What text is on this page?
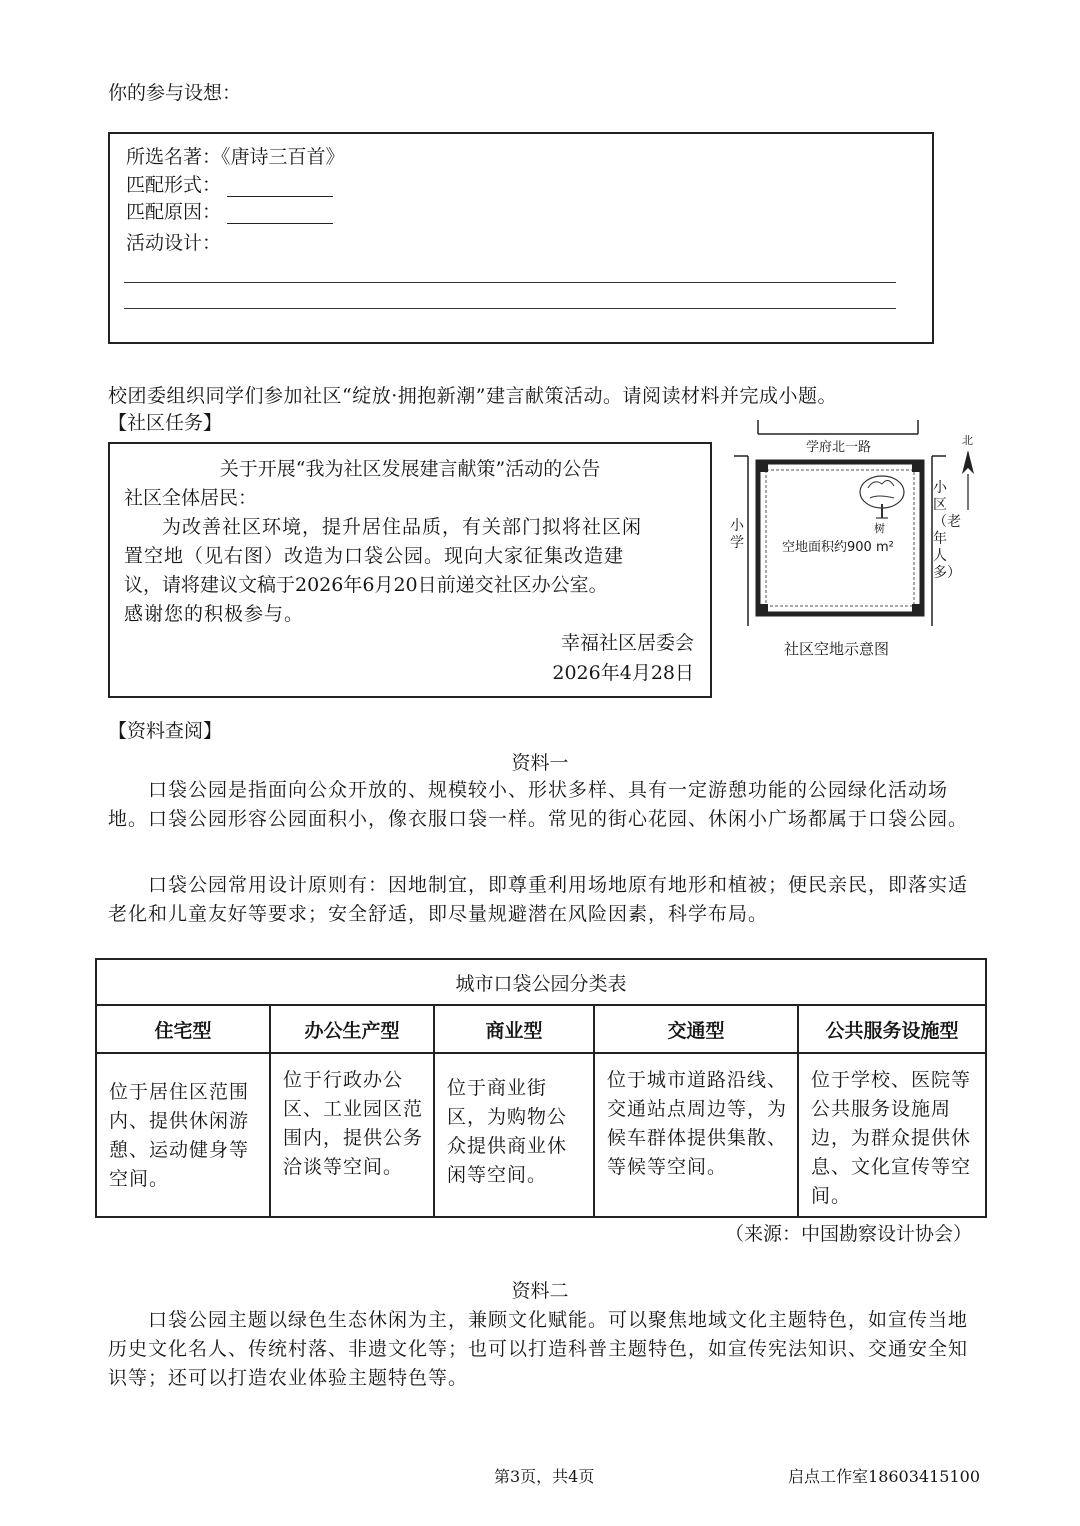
你的参与设想：
所选名著：《唐诗三百首》
匹配形式：
匹配原因：
活动设计：
校团委组织同学们参加社区“绽放·拥抱新潮”建言献策活动。请阅读材料并完成小题。
【社区任务】
关于开展“我为社区发展建言献策”活动的公告
社区全体居民：
为改善社区环境，提升居住品质，有关部门拟将社区闲
置空地（见右图）改造为口袋公园。现向大家征集改造建
议，请将建议文稿于2026年6月20日前递交社区办公室。
感谢您的积极参与。
幸福社区居委会
2026年4月28日
学府北一路
小学
小区（老年人多）
北
树
空地面积约900 m²
社区空地示意图
【资料查阅】
资料一
口袋公园是指面向公众开放的、规模较小、形状多样、具有一定游憩功能的公园绿化活动场地。口袋公园形容公园面积小，像衣服口袋一样。常见的街心花园、休闲小广场都属于口袋公园。
口袋公园常用设计原则有：因地制宜，即尊重利用场地原有地形和植被；便民亲民，即落实适老化和儿童友好等要求；安全舒适，即尽量规避潜在风险因素，科学布局。
城市口袋公园分类表				
住宅型	办公生产型	商业型	交通型	公共服务设施型
位于居住区范围内、提供休闲游憩、运动健身等空间。	位于行政办公区、工业园区范围内，提供公务洽谈等空间。	位于商业街区，为购物公众提供商业休闲等空间。	位于城市道路沿线、交通站点周边等，为候车群体提供集散、等候等空间。	位于学校、医院等公共服务设施周边，为群众提供休息、文化宣传等空间。
（来源：中国勘察设计协会）
资料二
口袋公园主题以绿色生态休闲为主，兼顾文化赋能。可以聚焦地域文化主题特色，如宣传当地历史文化名人、传统村落、非遗文化等；也可以打造科普主题特色，如宣传宪法知识、交通安全知识等；还可以打造农业体验主题特色等。
第3页，共4页	启点工作室18603415100
